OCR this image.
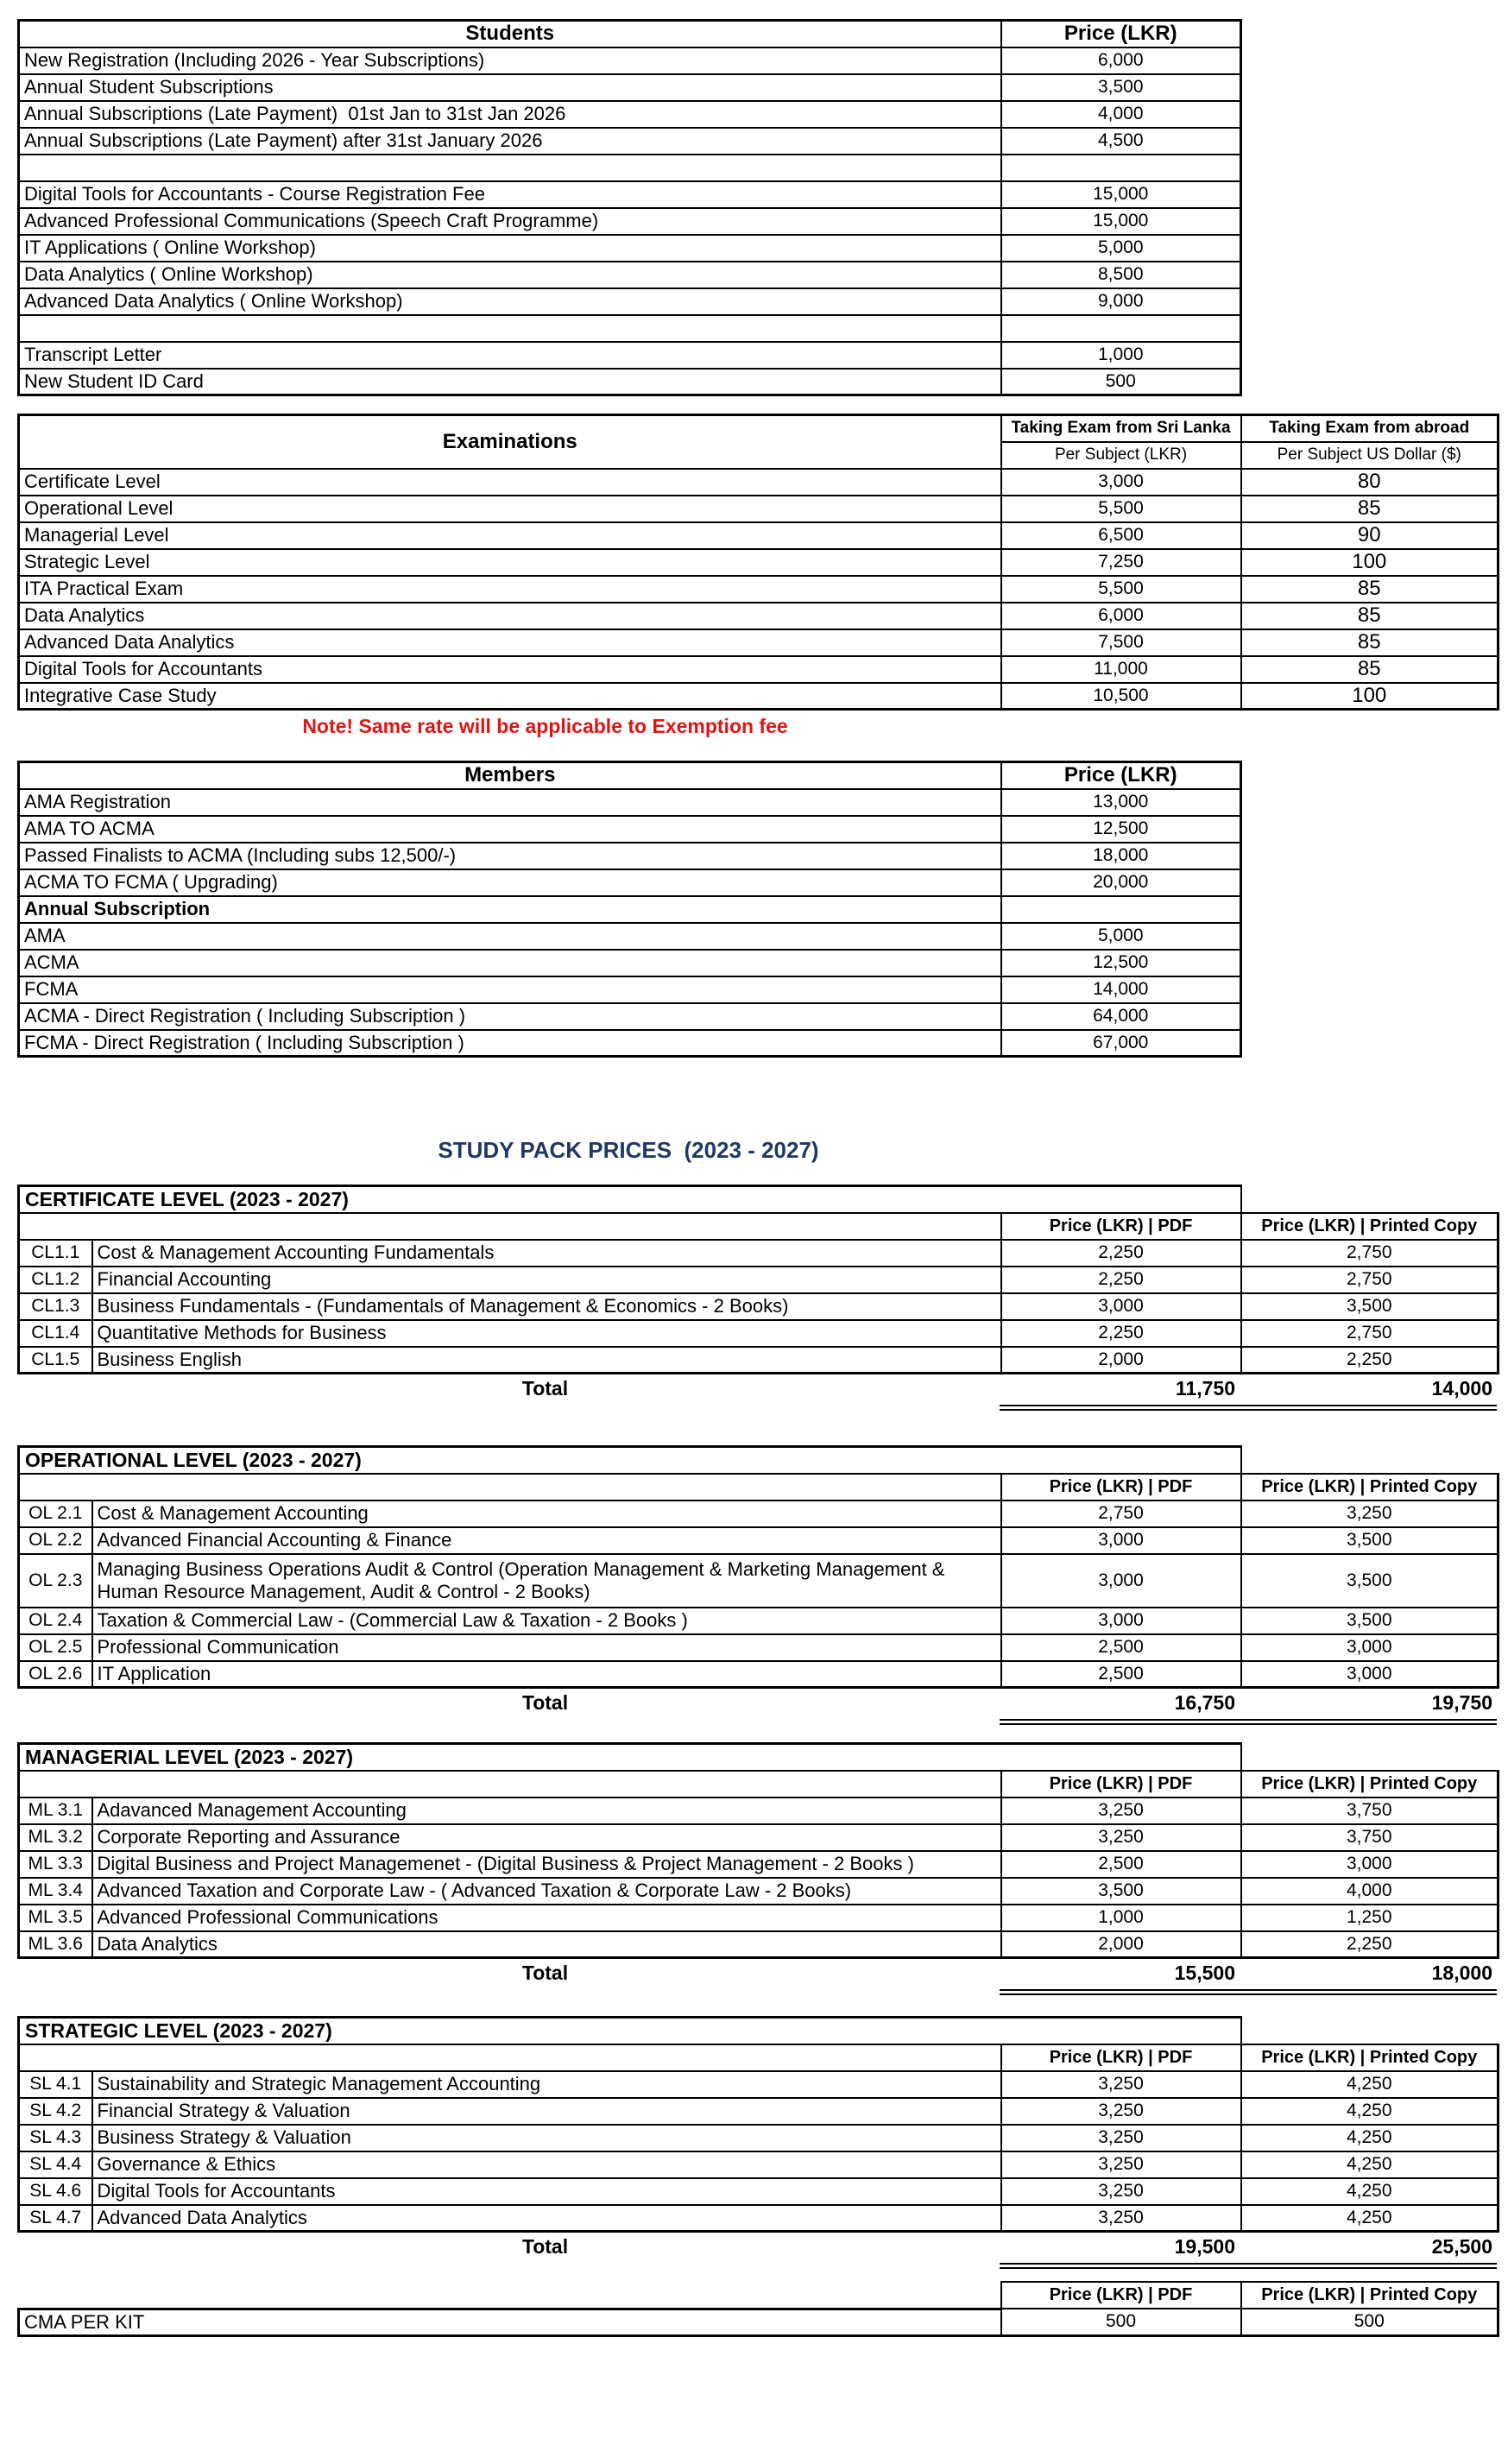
Students	Price (LKR)
New Registration (Including 2026 - Year Subscriptions)	6,000
Annual Student Subscriptions	3,500
Annual Subscriptions (Late Payment)  01st Jan to 31st Jan 2026	4,000
Annual Subscriptions (Late Payment) after 31st January 2026	4,500

Digital Tools for Accountants - Course Registration Fee	15,000
Advanced Professional Communications (Speech Craft Programme)	15,000
IT Applications ( Online Workshop)	5,000
Data Analytics ( Online Workshop)	8,500
Advanced Data Analytics ( Online Workshop)	9,000

Transcript Letter	1,000
New Student ID Card	500
Examinations	Taking Exam from Sri Lanka	Taking Exam from abroad
	Per Subject (LKR)	Per Subject US Dollar ($)
Certificate Level	3,000	80
Operational Level	5,500	85
Managerial Level	6,500	90
Strategic Level	7,250	100
ITA Practical Exam	5,500	85
Data Analytics	6,000	85
Advanced Data Analytics	7,500	85
Digital Tools for Accountants	11,000	85
Integrative Case Study	10,500	100
Note! Same rate will be applicable to Exemption fee
Members	Price (LKR)
AMA Registration	13,000
AMA TO ACMA	12,500
Passed Finalists to ACMA (Including subs 12,500/-)	18,000
ACMA TO FCMA ( Upgrading)	20,000
Annual Subscription	
AMA	5,000
ACMA	12,500
FCMA	14,000
ACMA - Direct Registration ( Including Subscription )	64,000
FCMA - Direct Registration ( Including Subscription )	67,000
STUDY PACK PRICES  (2023 - 2027)
CERTIFICATE LEVEL (2023 - 2027)			
		Price (LKR) | PDF	Price (LKR) | Printed Copy
CL1.1	Cost & Management Accounting Fundamentals	2,250	2,750
CL1.2	Financial Accounting	2,250	2,750
CL1.3	Business Fundamentals - (Fundamentals of Management & Economics - 2 Books)	3,000	3,500
CL1.4	Quantitative Methods for Business	2,250	2,750
CL1.5	Business English	2,000	2,250
Total	11,750	14,000
OPERATIONAL LEVEL (2023 - 2027)			
		Price (LKR) | PDF	Price (LKR) | Printed Copy
OL 2.1	Cost & Management Accounting	2,750	3,250
OL 2.2	Advanced Financial Accounting & Finance	3,000	3,500
OL 2.3	Managing Business Operations Audit & Control (Operation Management & Marketing Management & Human Resource Management, Audit & Control - 2 Books)	3,000	3,500
OL 2.4	Taxation & Commercial Law - (Commercial Law & Taxation - 2 Books )	3,000	3,500
OL 2.5	Professional Communication	2,500	3,000
OL 2.6	IT Application	2,500	3,000
Total	16,750	19,750
MANAGERIAL LEVEL (2023 - 2027)			
		Price (LKR) | PDF	Price (LKR) | Printed Copy
ML 3.1	Adavanced Management Accounting	3,250	3,750
ML 3.2	Corporate Reporting and Assurance	3,250	3,750
ML 3.3	Digital Business and Project Managemenet - (Digital Business & Project Management - 2 Books )	2,500	3,000
ML 3.4	Advanced Taxation and Corporate Law - ( Advanced Taxation & Corporate Law - 2 Books)	3,500	4,000
ML 3.5	Advanced Professional Communications	1,000	1,250
ML 3.6	Data Analytics	2,000	2,250
Total	15,500	18,000
STRATEGIC LEVEL (2023 - 2027)			
		Price (LKR) | PDF	Price (LKR) | Printed Copy
SL 4.1	Sustainability and Strategic Management Accounting	3,250	4,250
SL 4.2	Financial Strategy & Valuation	3,250	4,250
SL 4.3	Business Strategy & Valuation	3,250	4,250
SL 4.4	Governance & Ethics	3,250	4,250
SL 4.6	Digital Tools for Accountants	3,250	4,250
SL 4.7	Advanced Data Analytics	3,250	4,250
Total	19,500	25,500
	Price (LKR) | PDF	Price (LKR) | Printed Copy
CMA PER KIT	500	500
